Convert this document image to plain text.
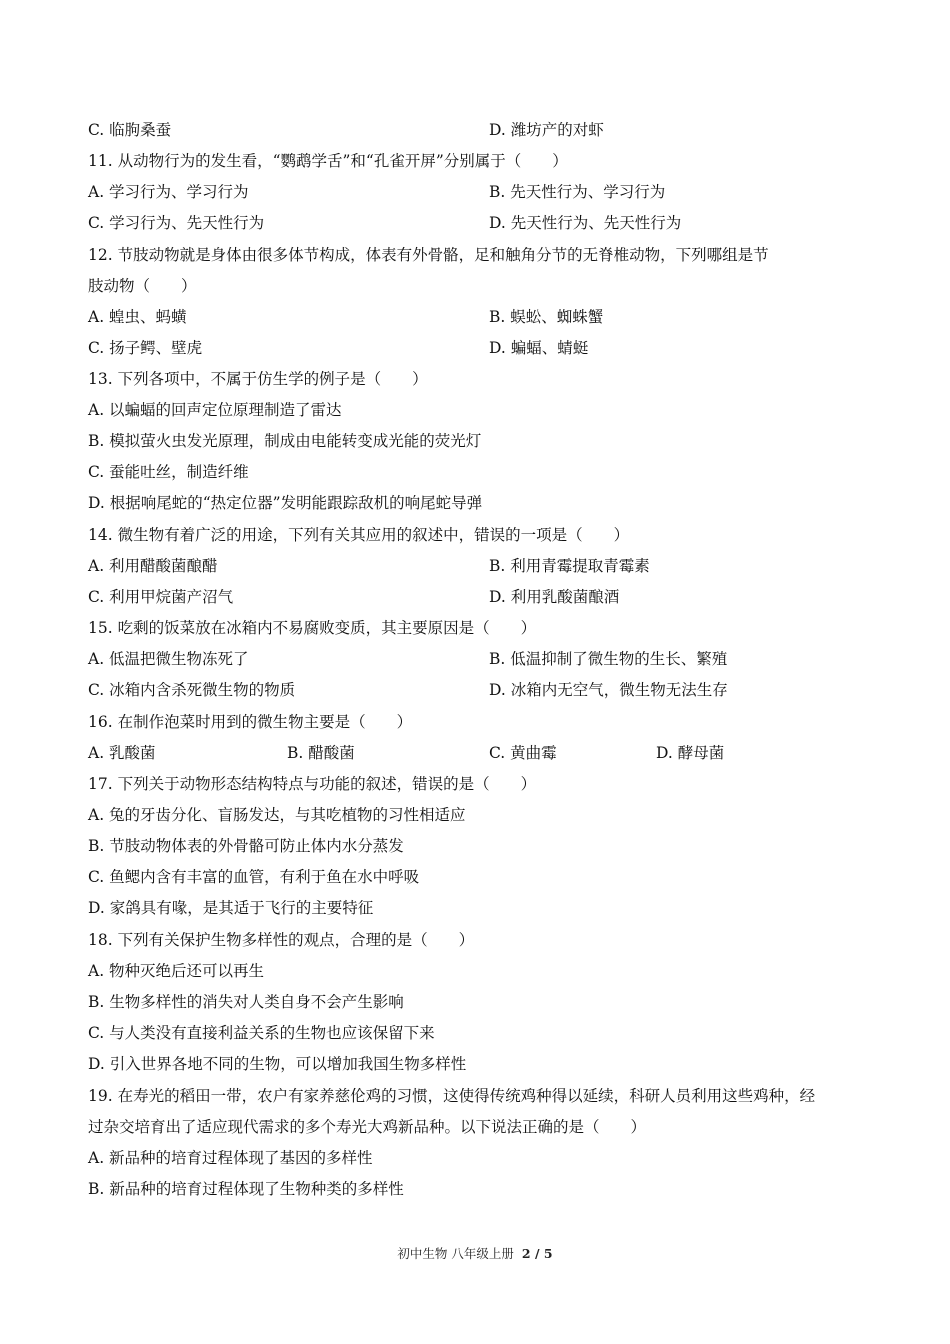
C. 临朐桑蚕	D. 潍坊产的对虾
11. 从动物行为的发生看，“鹦鹉学舌”和“孔雀开屏”分别属于（　　）
A. 学习行为、学习行为	B. 先天性行为、学习行为
C. 学习行为、先天性行为	D. 先天性行为、先天性行为
12. 节肢动物就是身体由很多体节构成，体表有外骨骼，足和触角分节的无脊椎动物，下列哪组是节
肢动物（　　）
A. 蝗虫、蚂蟥	B. 蜈蚣、蜘蛛蟹
C. 扬子鳄、壁虎	D. 蝙蝠、蜻蜓
13. 下列各项中，不属于仿生学的例子是（　　）
A. 以蝙蝠的回声定位原理制造了雷达
B. 模拟萤火虫发光原理，制成由电能转变成光能的荧光灯
C. 蚕能吐丝，制造纤维
D. 根据响尾蛇的“热定位器”发明能跟踪敌机的响尾蛇导弹
14. 微生物有着广泛的用途，下列有关其应用的叙述中，错误的一项是（　　）
A. 利用醋酸菌酿醋	B. 利用青霉提取青霉素
C. 利用甲烷菌产沼气	D. 利用乳酸菌酿酒
15. 吃剩的饭菜放在冰箱内不易腐败变质，其主要原因是（　　）
A. 低温把微生物冻死了	B. 低温抑制了微生物的生长、繁殖
C. 冰箱内含杀死微生物的物质	D. 冰箱内无空气，微生物无法生存
16. 在制作泡菜时用到的微生物主要是（　　）
A. 乳酸菌	B. 醋酸菌	C. 黄曲霉	D. 酵母菌
17. 下列关于动物形态结构特点与功能的叙述，错误的是（　　）
A. 兔的牙齿分化、盲肠发达，与其吃植物的习性相适应
B. 节肢动物体表的外骨骼可防止体内水分蒸发
C. 鱼鳃内含有丰富的血管，有利于鱼在水中呼吸
D. 家鸽具有喙，是其适于飞行的主要特征
18. 下列有关保护生物多样性的观点，合理的是（　　）
A. 物种灭绝后还可以再生
B. 生物多样性的消失对人类自身不会产生影响
C. 与人类没有直接利益关系的生物也应该保留下来
D. 引入世界各地不同的生物，可以增加我国生物多样性
19. 在寿光的稻田一带，农户有家养慈伦鸡的习惯，这使得传统鸡种得以延续，科研人员利用这些鸡种，经
过杂交培育出了适应现代需求的多个寿光大鸡新品种。以下说法正确的是（　　）
A. 新品种的培育过程体现了基因的多样性
B. 新品种的培育过程体现了生物种类的多样性
初中生物 八年级上册 2 / 5
